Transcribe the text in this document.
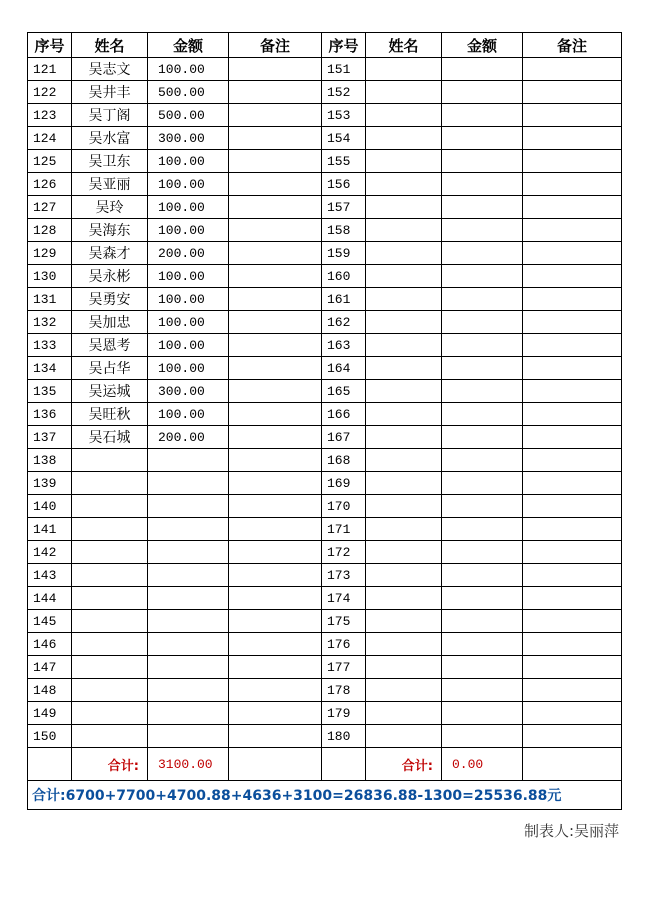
序号	姓名	金额	备注	序号	姓名	金额	备注
121	吴志文	100.00		151			
122	吴井丰	500.00		152			
123	吴丁阁	500.00		153			
124	吴水富	300.00		154			
125	吴卫东	100.00		155			
126	吴亚丽	100.00		156			
127	吴玲	100.00		157			
128	吴海东	100.00		158			
129	吴森才	200.00		159			
130	吴永彬	100.00		160			
131	吴勇安	100.00		161			
132	吴加忠	100.00		162			
133	吴恩考	100.00		163			
134	吴占华	100.00		164			
135	吴运城	300.00		165			
136	吴旺秋	100.00		166			
137	吴石城	200.00		167			
138				168			
139				169			
140				170			
141				171			
142				172			
143				173			
144				174			
145				175			
146				176			
147				177			
148				178			
149				179			
150				180			
	合计:	3100.00			合计:	0.00	
合计:6700+7700+4700.88+4636+3100=26836.88-1300=25536.88元							
制表人:吴丽萍
